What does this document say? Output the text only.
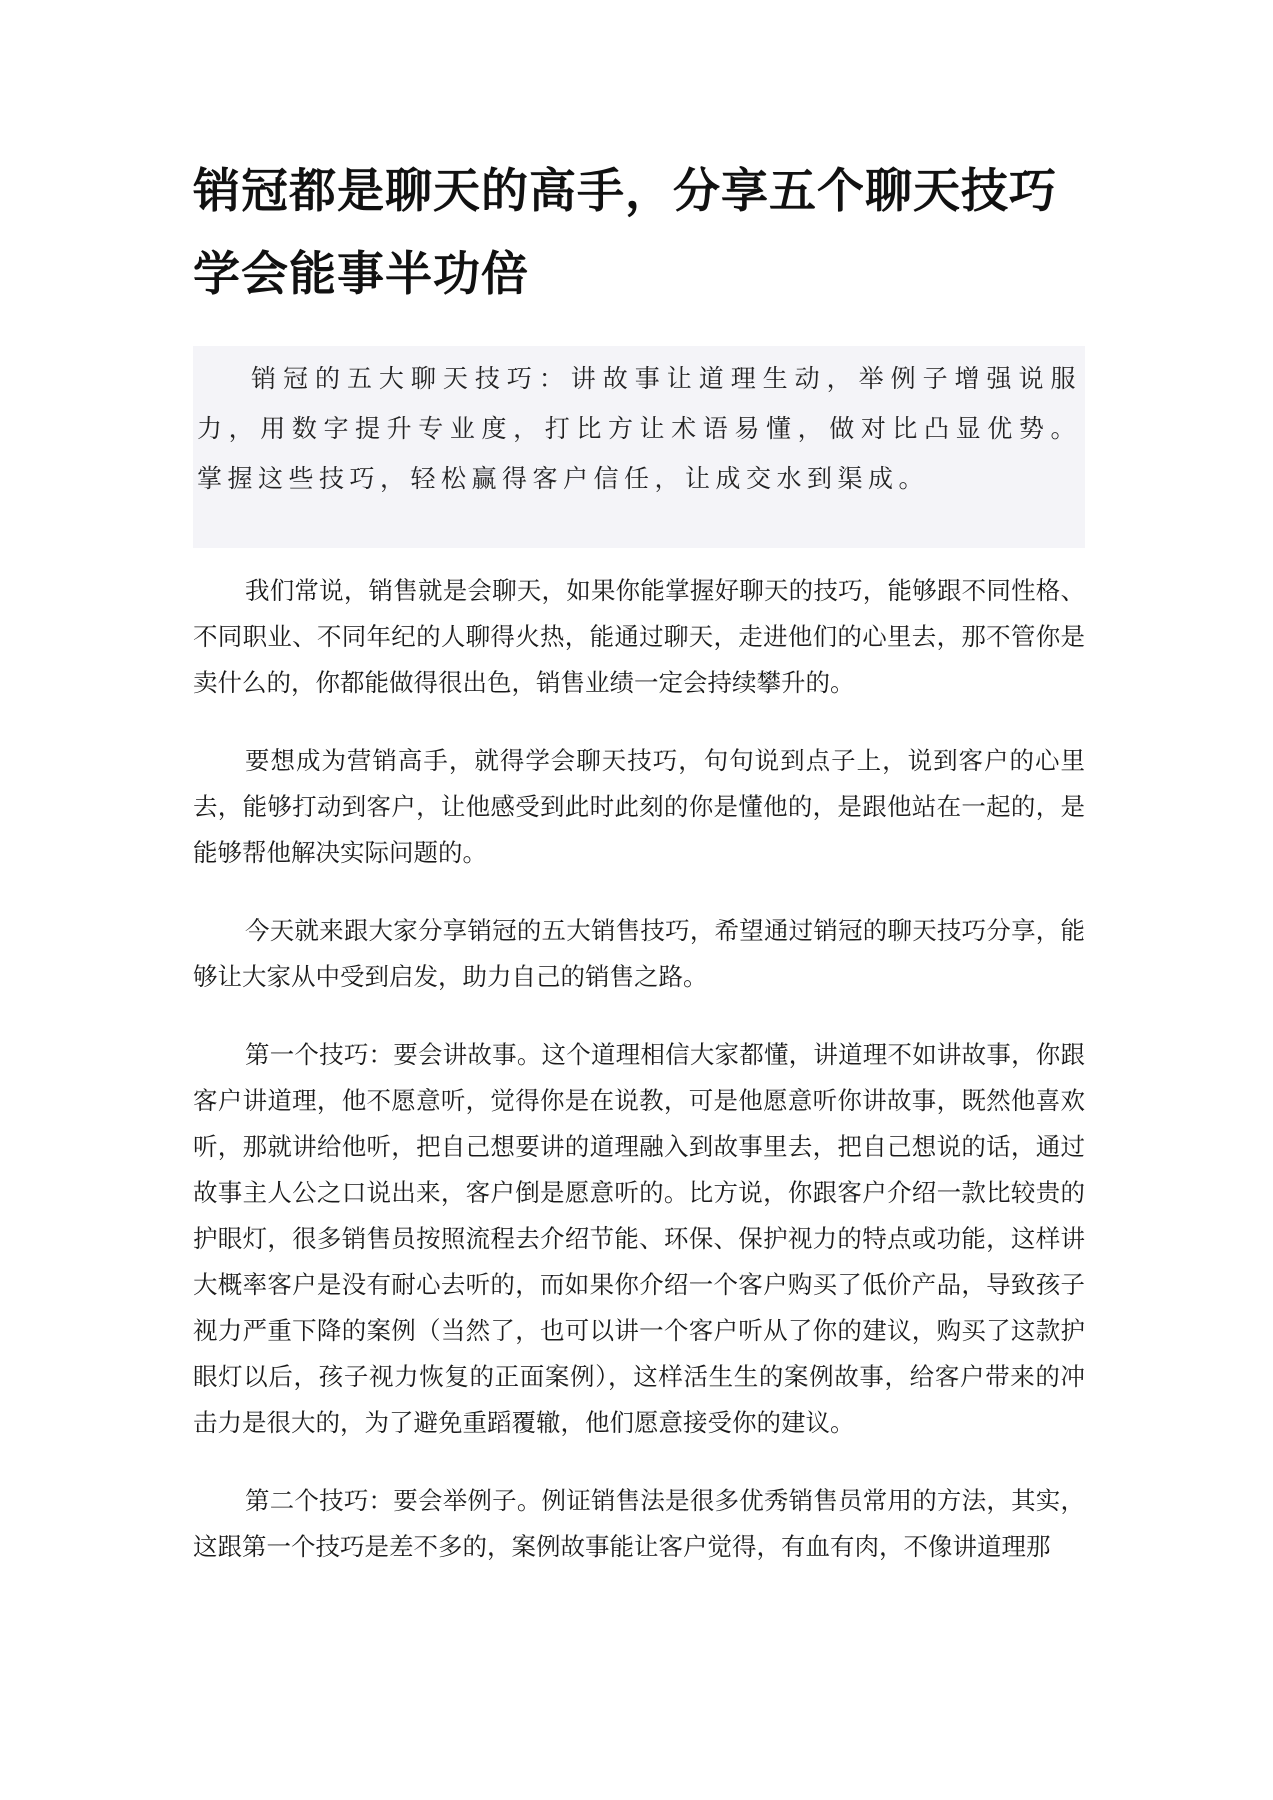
销冠都是聊天的高手，分享五个聊天技巧学会能事半功倍
销冠的五大聊天技巧：讲故事让道理生动，举例子增强说服力，用数字提升专业度，打比方让术语易懂，做对比凸显优势。掌握这些技巧，轻松赢得客户信任，让成交水到渠成。

我们常说，销售就是会聊天，如果你能掌握好聊天的技巧，能够跟不同性格、不同职业、不同年纪的人聊得火热，能通过聊天，走进他们的心里去，那不管你是卖什么的，你都能做得很出色，销售业绩一定会持续攀升的。

要想成为营销高手，就得学会聊天技巧，句句说到点子上，说到客户的心里去，能够打动到客户，让他感受到此时此刻的你是懂他的，是跟他站在一起的，是能够帮他解决实际问题的。

今天就来跟大家分享销冠的五大销售技巧，希望通过销冠的聊天技巧分享，能够让大家从中受到启发，助力自己的销售之路。

第一个技巧：要会讲故事。这个道理相信大家都懂，讲道理不如讲故事，你跟客户讲道理，他不愿意听，觉得你是在说教，可是他愿意听你讲故事，既然他喜欢听，那就讲给他听，把自己想要讲的道理融入到故事里去，把自己想说的话，通过故事主人公之口说出来，客户倒是愿意听的。比方说，你跟客户介绍一款比较贵的护眼灯，很多销售员按照流程去介绍节能、环保、保护视力的特点或功能，这样讲大概率客户是没有耐心去听的，而如果你介绍一个客户购买了低价产品，导致孩子视力严重下降的案例（当然了，也可以讲一个客户听从了你的建议，购买了这款护眼灯以后，孩子视力恢复的正面案例），这样活生生的案例故事，给客户带来的冲击力是很大的，为了避免重蹈覆辙，他们愿意接受你的建议。

第二个技巧：要会举例子。例证销售法是很多优秀销售员常用的方法，其实，这跟第一个技巧是差不多的，案例故事能让客户觉得，有血有肉，不像讲道理那
